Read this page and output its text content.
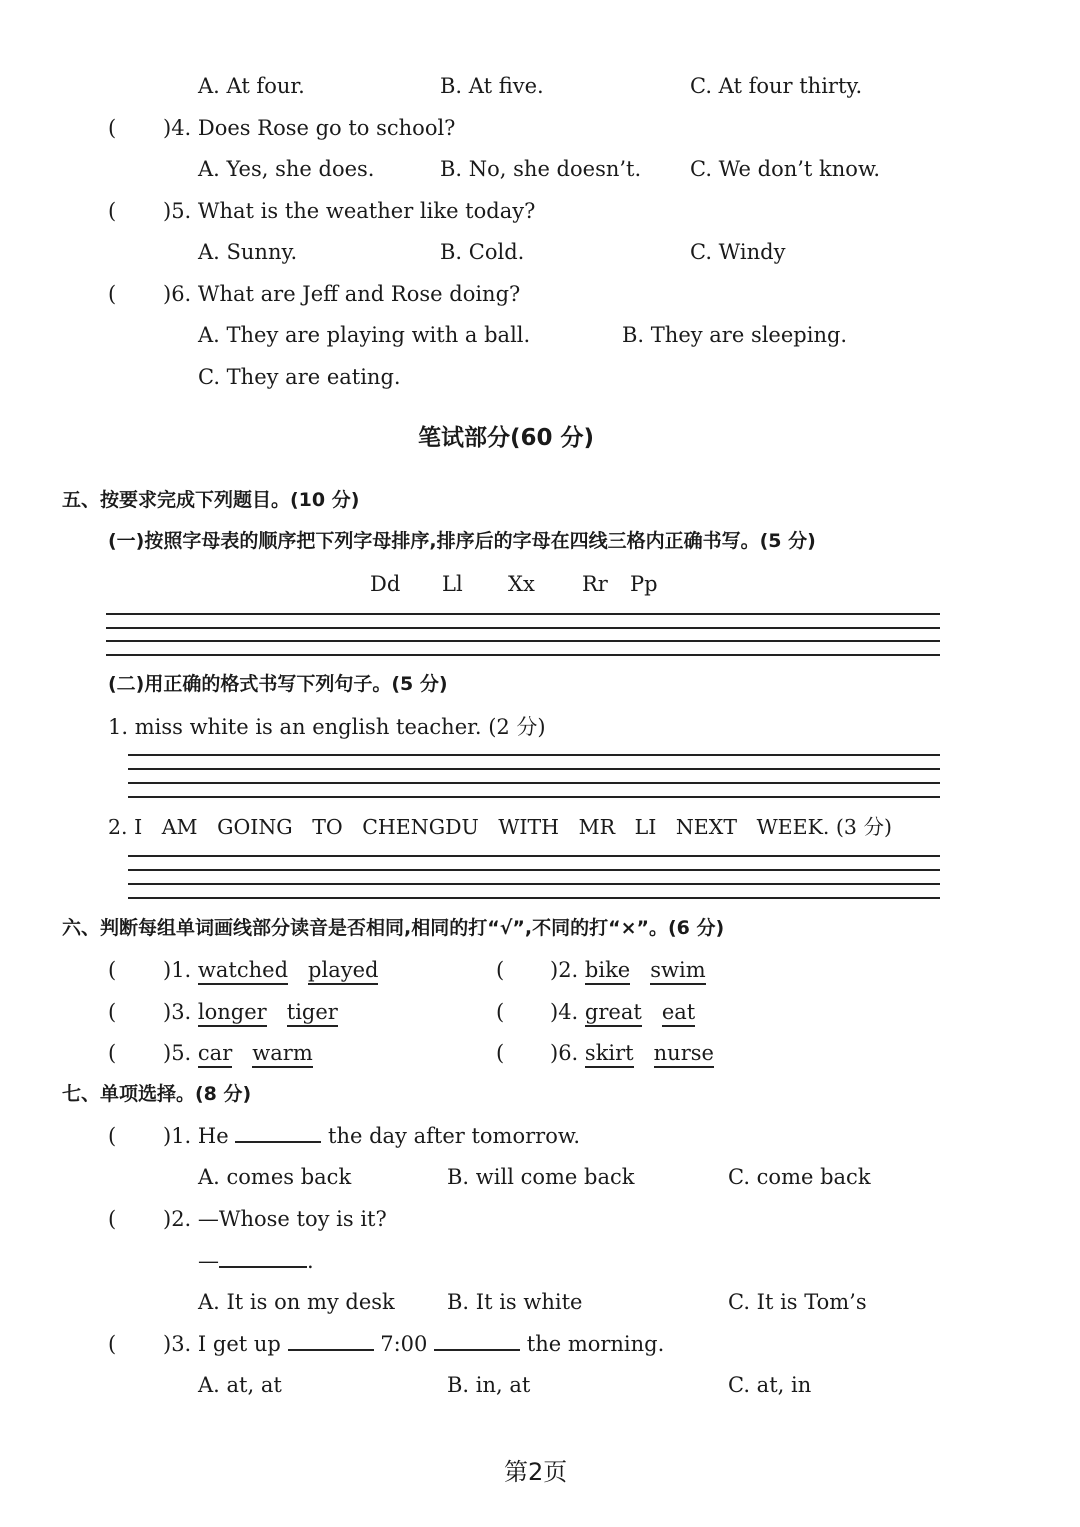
A. At four.	B. At five.	C. At four thirty.
( )4. Does Rose go to school?
A. Yes, she does.	B. No, she doesn’t. C. We don’t know.
( )5. What is the weather like today?
A. Sunny.	B. Cold.	C. Windy
( )6. What are Jeff and Rose doing?
A. They are playing with a ball.	B. They are sleeping.
C. They are eating.
笔试部分(60 分)
五、按要求完成下列题目。(10 分)
(一)按照字母表的顺序把下列字母排序,排序后的字母在四线三格内正确书写。(5 分)
Dd Ll Xx Rr Pp
(二)用正确的格式书写下列句子。(5 分)
1. miss white is an english teacher. (2 分)
2. I   AM   GOING   TO   CHENGDU   WITH   MR   LI   NEXT   WEEK. (3 分)
六、判断每组单词画线部分读音是否相同,相同的打“√”,不同的打“×”。(6 分)
( )1. watched played	( )2. bike swim
( )3. longer tiger	( )4. great eat
( )5. car warm	( )6. skirt nurse
七、单项选择。(8 分)
( )1. He	the day after tomorrow.
A. comes back	B. will come back	C. come back
( )2. —Whose toy is it?
—	.
A. It is on my desk B. It is white	C. It is Tom’s
( )3. I get up	7:00	the morning.
A. at, at	B. in, at	C. at, in
第2页
